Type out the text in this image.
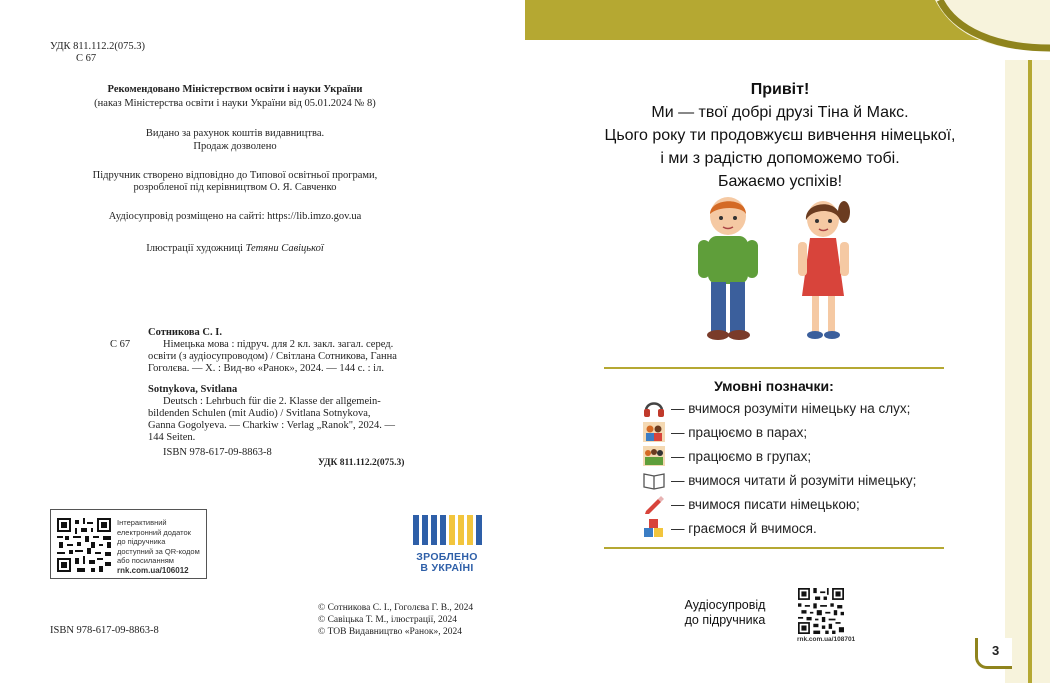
УДК 811.112.2(075.3)
С 67
Рекомендовано Міністерством освіти і науки України
(наказ Міністерства освіти і науки України від 05.01.2024 № 8)
Видано за рахунок коштів видавництва.
Продаж дозволено
Підручник створено відповідно до Типової освітньої програми,
розробленої під керівництвом О. Я. Савченко
Аудіосупровід розміщено на сайті: https://lib.imzo.gov.ua
Ілюстрації художниці Тетяни Савіцької
Сотникова С. І.
С 67	Німецька мова : підруч. для 2 кл. закл. загал. серед.
освіти (з аудіосупроводом) / Світлана Сотникова, Ганна
Гоголєва. — Х. : Вид-во «Ранок», 2024. — 144 с. : іл.
Sotnykova, Svitlana
Deutsch : Lehrbuch für die 2. Klasse der allgemein-
bildenden Schulen (mit Audio) / Svitlana Sotnykova,
Ganna Gogolyeva. — Charkiw : Verlag „Ranok", 2024. —
144 Seiten.
ISBN 978-617-09-8863-8
УДК 811.112.2(075.3)
Інтерактивний
електронний додаток
до підручника
доступний за QR-кодом
або посиланням
rnk.com.ua/106012
ЗРОБЛЕНО
В УКРАЇНІ
ISBN 978-617-09-8863-8
© Сотникова С. І., Гоголєва Г. В., 2024
© Савіцька Т. М., ілюстрації, 2024
© ТОВ Видавництво «Ранок», 2024
Привіт!
Ми — твої добрі друзі Тіна й Макс.
Цього року ти продовжуєш вивчення німецької,
і ми з радістю допоможемо тобі.
Бажаємо успіхів!
Умовні позначки:
— вчимося розуміти німецьку на слух;
— працюємо в парах;
— працюємо в групах;
— вчимося читати й розуміти німецьку;
— вчимося писати німецькою;
— граємося й вчимося.
Аудіосупровід
до підручника
rnk.com.ua/108701
3
